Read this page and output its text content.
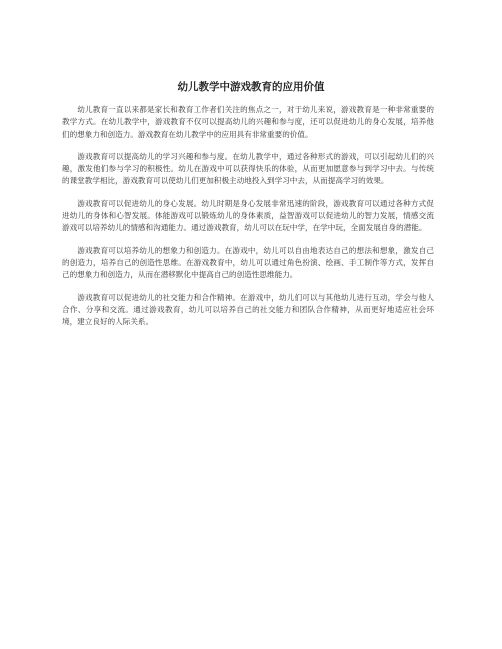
幼儿教学中游戏教育的应用价值

幼儿教育一直以来都是家长和教育工作者们关注的焦点之一，对于幼儿来说，游戏教育是一种非常重要的教学方式。在幼儿教学中，游戏教育不仅可以提高幼儿的兴趣和参与度，还可以促进幼儿的身心发展，培养他们的想象力和创造力。游戏教育在幼儿教学中的应用具有非常重要的价值。

游戏教育可以提高幼儿的学习兴趣和参与度。在幼儿教学中，通过各种形式的游戏，可以引起幼儿们的兴趣，激发他们参与学习的积极性。幼儿在游戏中可以获得快乐的体验，从而更加愿意参与到学习中去。与传统的课堂教学相比，游戏教育可以使幼儿们更加积极主动地投入到学习中去，从而提高学习的效果。

游戏教育可以促进幼儿的身心发展。幼儿时期是身心发展非常迅速的阶段，游戏教育可以通过各种方式促进幼儿的身体和心智发展。体能游戏可以锻炼幼儿的身体素质，益智游戏可以促进幼儿的智力发展，情感交流游戏可以培养幼儿的情感和沟通能力。通过游戏教育，幼儿可以在玩中学，在学中玩，全面发展自身的潜能。

游戏教育可以培养幼儿的想象力和创造力。在游戏中，幼儿可以自由地表达自己的想法和想象，激发自己的创造力，培养自己的创造性思维。在游戏教育中，幼儿可以通过角色扮演、绘画、手工制作等方式，发挥自己的想象力和创造力，从而在潜移默化中提高自己的创造性思维能力。

游戏教育可以促进幼儿的社交能力和合作精神。在游戏中，幼儿们可以与其他幼儿进行互动，学会与他人合作、分享和交流。通过游戏教育，幼儿可以培养自己的社交能力和团队合作精神，从而更好地适应社会环境，建立良好的人际关系。
